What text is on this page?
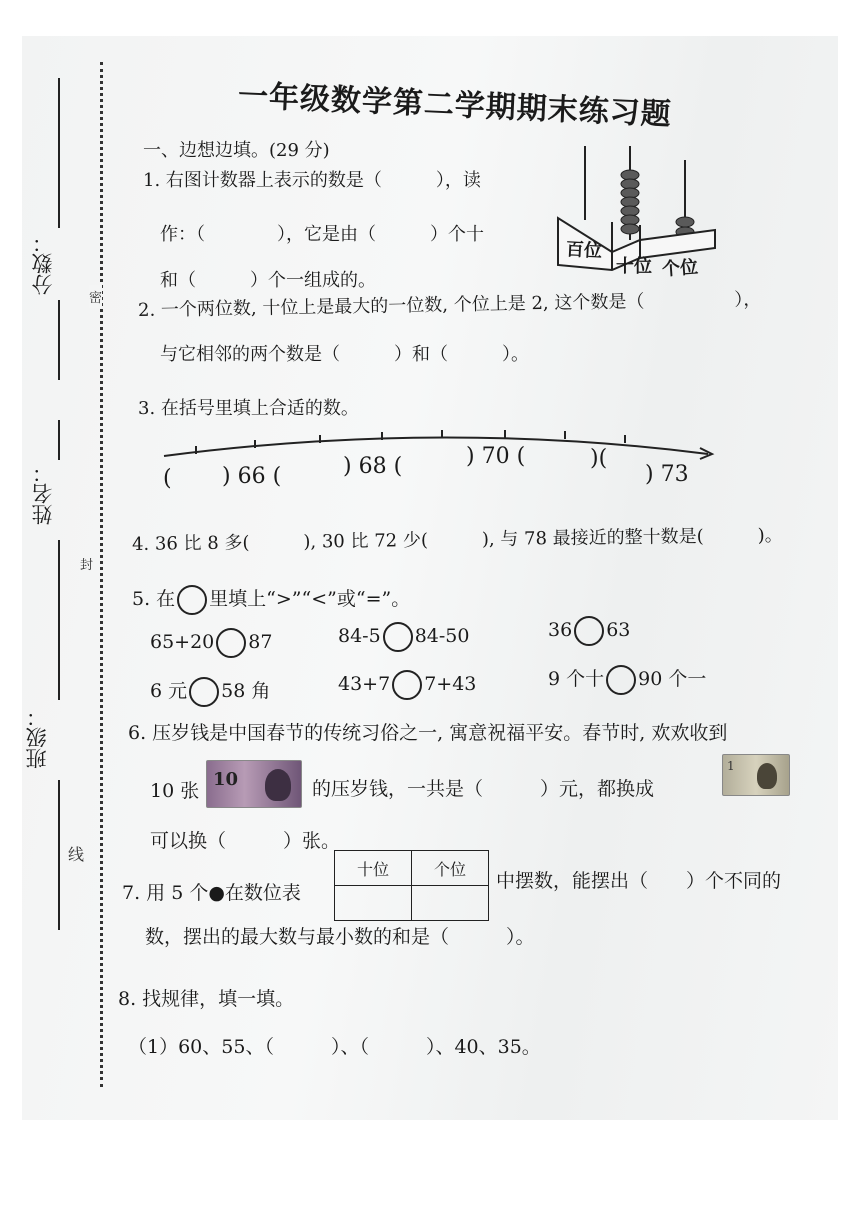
分数：
姓名：
班级：
密
封
线
一年级数学第二学期期末练习题
一、边想边填。(29 分)
1. 右图计数器上表示的数是（　　　），读
作：（　　　　），它是由（　　　）个十
和（　　　）个一组成的。
百位
十位 个位
2. 一个两位数, 十位上是最大的一位数, 个位上是 2, 这个数是（　　　　　），
与它相邻的两个数是（　　　）和（　　　）。
3. 在括号里填上合适的数。
( ) 66 (	) 68 (	) 70 (	)(
) 73
4. 36 比 8 多(　　　), 30 比 72 少(　　　), 与 78 最接近的整十数是(　　　)。
5. 在 里填上“>”“<”或“=”。
65+20 87	84-5 84-50	36 63
6 元 58 角	43+7 7+43	9 个十 90 个一
6. 压岁钱是中国春节的传统习俗之一, 寓意祝福平安。春节时, 欢欢收到
10 张
10	的压岁钱，一共是（　　　）元，都换成
1
可以换（　　　）张。
7. 用 5 个●在数位表
十位	个位

中摆数，能摆出（　　）个不同的
数，摆出的最大数与最小数的和是（　　　）。
8. 找规律，填一填。
（1）60、55、（　　　）、（　　　）、40、35。
